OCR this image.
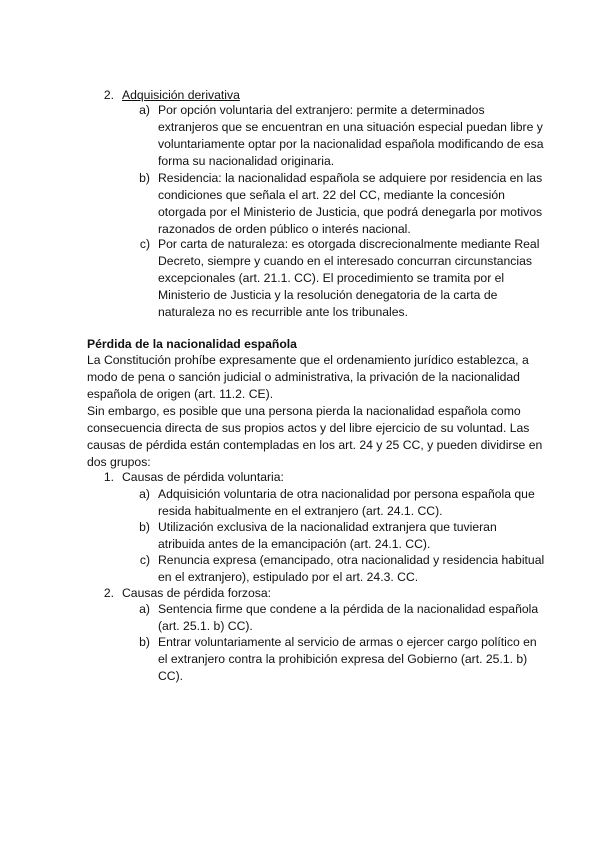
2. Adquisición derivativa
a) Por opción voluntaria del extranjero: permite a determinados
extranjeros que se encuentran en una situación especial puedan libre y
voluntariamente optar por la nacionalidad española modificando de esa
forma su nacionalidad originaria.
b) Residencia: la nacionalidad española se adquiere por residencia en las
condiciones que señala el art. 22 del CC, mediante la concesión
otorgada por el Ministerio de Justicia, que podrá denegarla por motivos
razonados de orden público o interés nacional.
c) Por carta de naturaleza: es otorgada discrecionalmente mediante Real
Decreto, siempre y cuando en el interesado concurran circunstancias
excepcionales (art. 21.1. CC). El procedimiento se tramita por el
Ministerio de Justicia y la resolución denegatoria de la carta de
naturaleza no es recurrible ante los tribunales.
Pérdida de la nacionalidad española
La Constitución prohíbe expresamente que el ordenamiento jurídico establezca, a
modo de pena o sanción judicial o administrativa, la privación de la nacionalidad
española de origen (art. 11.2. CE).
Sin embargo, es posible que una persona pierda la nacionalidad española como
consecuencia directa de sus propios actos y del libre ejercicio de su voluntad. Las
causas de pérdida están contempladas en los art. 24 y 25 CC, y pueden dividirse en
dos grupos:
1. Causas de pérdida voluntaria:
a) Adquisición voluntaria de otra nacionalidad por persona española que
resida habitualmente en el extranjero (art. 24.1. CC).
b) Utilización exclusiva de la nacionalidad extranjera que tuvieran
atribuida antes de la emancipación (art. 24.1. CC).
c) Renuncia expresa (emancipado, otra nacionalidad y residencia habitual
en el extranjero), estipulado por el art. 24.3. CC.
2. Causas de pérdida forzosa:
a) Sentencia firme que condene a la pérdida de la nacionalidad española
(art. 25.1. b) CC).
b) Entrar voluntariamente al servicio de armas o ejercer cargo político en
el extranjero contra la prohibición expresa del Gobierno (art. 25.1. b)
CC).
